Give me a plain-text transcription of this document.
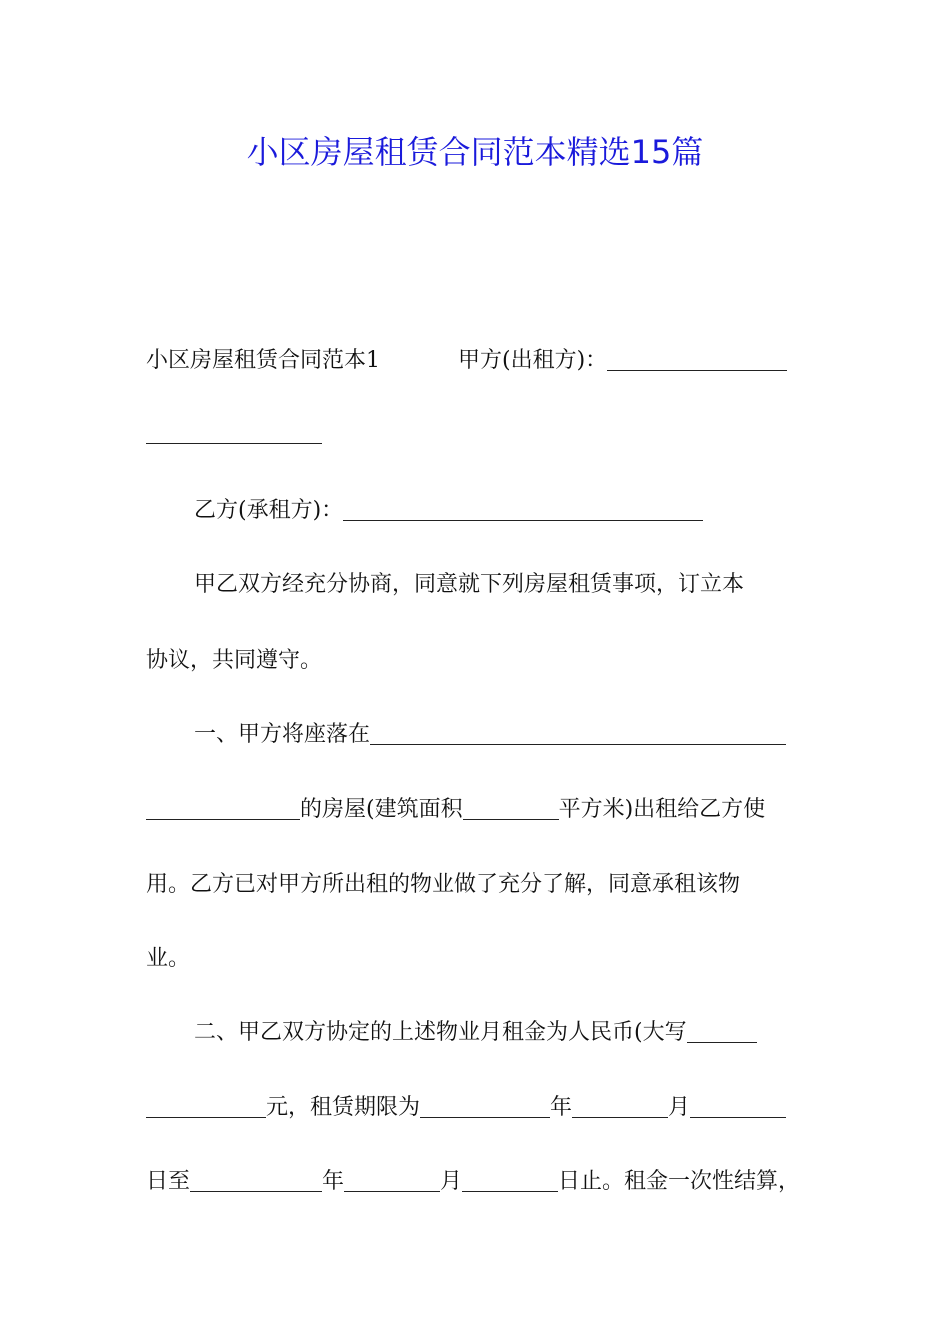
小区房屋租赁合同范本精选15篇

小区房屋租赁合同范本1	甲方(出租方)：

乙方(承租方)：

甲乙双方经充分协商，同意就下列房屋租赁事项，订立本

协议，共同遵守。

一、甲方将座落在

的房屋(建筑面积	平方米)出租给乙方使

用。乙方已对甲方所出租的物业做了充分了解，同意承租该物

业。

二、甲乙双方协定的上述物业月租金为人民币(大写

元，租赁期限为	年	月

日至	年	月	日止。租金一次性结算，
